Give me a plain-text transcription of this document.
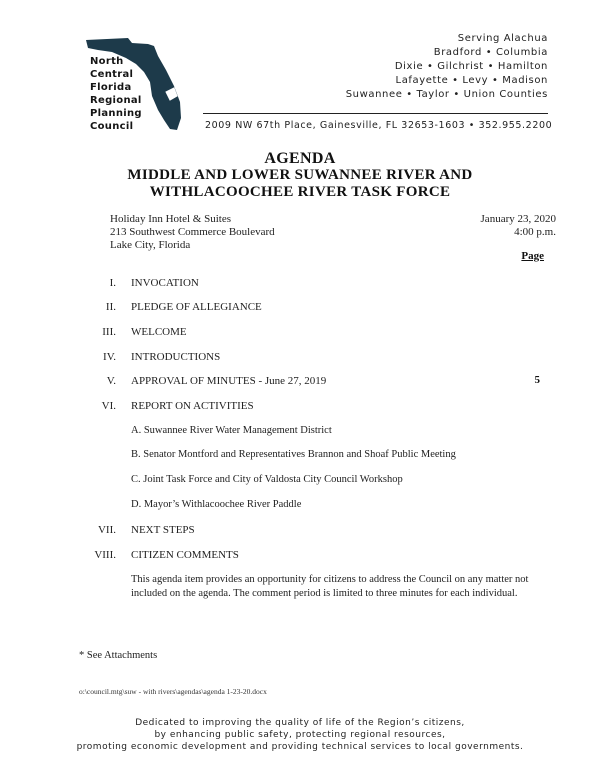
North
Central
Florida
Regional
Planning
Council
Serving Alachua
Bradford • Columbia
Dixie • Gilchrist • Hamilton
Lafayette • Levy • Madison
Suwannee • Taylor • Union Counties
2009 NW 67th Place, Gainesville, FL 32653-1603 • 352.955.2200
AGENDA
MIDDLE AND LOWER SUWANNEE RIVER AND
WITHLACOOCHEE RIVER TASK FORCE
Holiday Inn Hotel & Suites
213 Southwest Commerce Boulevard
Lake City, Florida
January 23, 2020
4:00 p.m.
Page
I. INVOCATION
II. PLEDGE OF ALLEGIANCE
III. WELCOME
IV. INTRODUCTIONS
V. APPROVAL OF MINUTES - June 27, 2019	5
VI. REPORT ON ACTIVITIES
A. Suwannee River Water Management District
B. Senator Montford and Representatives Brannon and Shoaf Public Meeting
C. Joint Task Force and City of Valdosta City Council Workshop
D. Mayor’s Withlacoochee River Paddle
VII. NEXT STEPS
VIII. CITIZEN COMMENTS
This agenda item provides an opportunity for citizens to address the Council on any matter not included on the agenda. The comment period is limited to three minutes for each individual.
* See Attachments
o:\council.mtg\suw - with rivers\agendas\agenda 1-23-20.docx
Dedicated to improving the quality of life of the Region’s citizens,
by enhancing public safety, protecting regional resources,
promoting economic development and providing technical services to local governments.
